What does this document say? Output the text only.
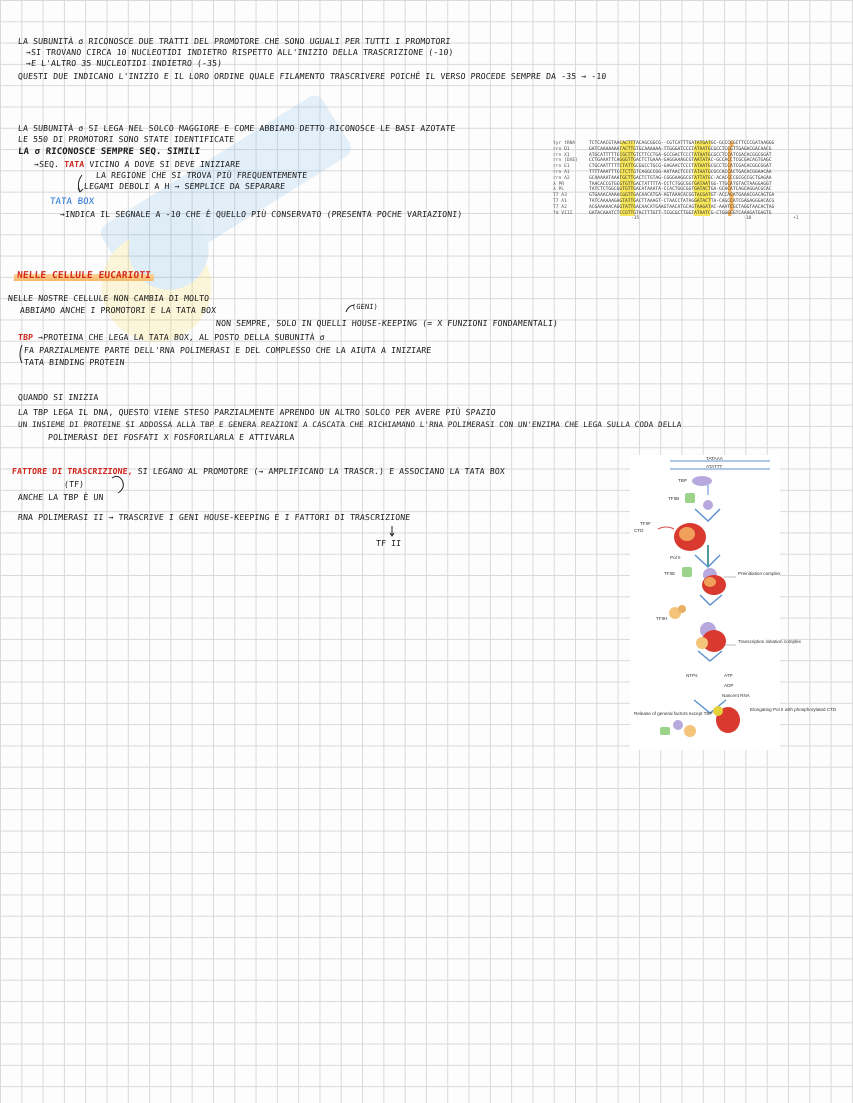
LA SUBUNITÀ σ RICONOSCE DUE TRATTI DEL PROMOTORE CHE SONO UGUALI PER TUTTI I PROMOTORI
→SI TROVANO CIRCA 10 NUCLEOTIDI INDIETRO RISPETTO ALL'INIZIO DELLA TRASCRIZIONE (-10)
→E L'ALTRO 35 NUCLEOTIDI INDIETRO (-35)
QUESTI DUE INDICANO L'INIZIO E IL LORO ORDINE QUALE FILAMENTO TRASCRIVERE POICHÉ IL VERSO PROCEDE SEMPRE DA -35 → -10
LA SUBUNITÀ σ SI LEGA NEL SOLCO MAGGIORE E COME ABBIAMO DETTO RICONOSCE LE BASI AZOTATE
LE 550 DI PROMOTORI SONO STATE IDENTIFICATE
LA σ RICONOSCE SEMPRE SEQ. SIMILI
→SEQ. TATA VICINO A DOVE SI DEVE INIZIARE
LA REGIONE CHE SI TROVA PIÙ FREQUENTEMENTE
LEGAMI DEBOLI A H → SEMPLICE DA SEPARARE
TATA BOX
→INDICA IL SEGNALE A -10 CHE È QUELLO PIÙ CONSERVATO (PRESENTA POCHE VARIAZIONI)
tyr tRNA	TCTCAACGTAACACTTTACAGCGGCG--CGTCATTTGATATGATGC-GCCCCGCTTCCCGATAAGGG
rrn D1	GATCAAAAAAATACTTGTGCAAAAAA-TTGGGATCCCTATAATGCGCCTCCGTTGAGACGACAACG
rrn X1	ATGCATTTTTCCGCTTGTCTTCCTGA-GCCGACTCCCTATAATGCGCCTCCATCGACACGGCGGAT
rrn (DXE)	CCTGAAATTCAGGGTTGACTCTGAAA-GAGGAAAGCGTAATATAC-GCCACCTCGCGACAGTGAGC
rrn E1	CTGCAATTTTTCTATTGCGGCCTGCG-GAGAACTCCCTATAATGCGCCTCCATCGACACGGCGGAT
rrn A1	TTTTAAATTTCCTCTTGTCAGGCCGG-AATAACTCCCTATAATGCGCCACCACTGACACGGAACAA
rrn A2	GCAAAAATAAATGCTTGACTCTGTAG-CGGGAAGGCGTATTATGC-ACACCCCGCGCCGCTGAGAA
λ PR	TAACACCGTGCGTGTTGACTATTTTA-CCTCTGGCGGTGATAATGG-TTGCATGTACTAAGGAGGT
λ PL	TATCTCTGGCGGTGTTGACATAAATA-CCACTGGCGGTGATACTGA-GCACATCAGCAGGACGCAC
T7 A3	GTGAAACAAAACGGTTGACAACATGA-AGTAAACACGGTACGATGT-ACCACATGAAACGACAGTGA
T7 A1	TATCAAAAAGAGTATTGACTTAAAGT-CTAACCTATAGGATACTTA-CAGCCATCGAGAGGGACACG
T7 A2	ACGAAAAACAGGTATTGACAACATGAAGTAACATGCAGTAAGATAC-AAATCGCTAGGTAACACTAG
fd VIII	GATACAAATCTCCGTTGTACTTTGTT-TCGCGCTTGGTATAATCG-CTGGGGGTCAAAGATGAGTG
-35	-10	+1
NELLE CELLULE EUCARIOTI
NELLE NOSTRE CELLULE NON CAMBIA DI MOLTO
ABBIAMO ANCHE I PROMOTORI E LA TATA BOX	(GENI)
NON SEMPRE, SOLO IN QUELLI HOUSE-KEEPING (= X FUNZIONI FONDAMENTALI)
TBP →PROTEINA CHE LEGA LA TATA BOX, AL POSTO DELLA SUBUNITÀ σ
FA PARZIALMENTE PARTE DELL'RNA POLIMERASI E DEL COMPLESSO CHE LA AIUTA A INIZIARE
TATA BINDING PROTEIN
QUANDO SI INIZIA
LA TBP LEGA IL DNA, QUESTO VIENE STESO PARZIALMENTE APRENDO UN ALTRO SOLCO PER AVERE PIÙ SPAZIO
UN INSIEME DI PROTEINE SI ADDOSSA ALLA TBP E GENERA REAZIONI A CASCATA CHE RICHIAMANO L'RNA POLIMERASI CON UN'ENZIMA CHE LEGA SULLA CODA DELLA
POLIMERASI DEI FOSFATI X FOSFORILARLA E ATTIVARLA
FATTORE DI TRASCRIZIONE, SI LEGANO AL PROMOTORE (→ AMPLIFICANO LA TRASCR.) E ASSOCIANO LA TATA BOX
(TF)
ANCHE LA TBP È UN
RNA POLIMERASI II → TRASCRIVE I GENI HOUSE-KEEPING E I FATTORI DI TRASCRIZIONE
TF II
TATAAA
ATATTT
TBP
TFIIB
TFIIF
CTD
Pol II
TFIIE	Preinitiation complex
TFIIH
Transcription initiation complex
NTPs	ATP
ADP
Nascent RNA
Elongating Pol II with phosphorylated CTD
Release of general factors except TBP
